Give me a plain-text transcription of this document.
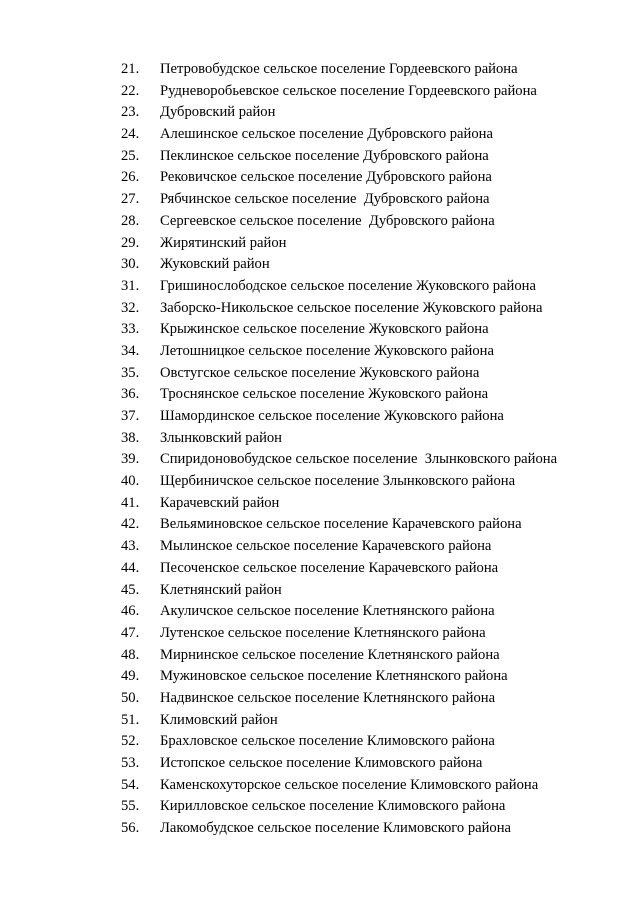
21. Петровобудское сельское поселение Гордеевского района
22. Рудневоробьевское сельское поселение Гордеевского района
23. Дубровский район
24. Алешинское сельское поселение Дубровского района
25. Пеклинское сельское поселение Дубровского района
26. Рековичское сельское поселение Дубровского района
27. Рябчинское сельское поселение  Дубровского района
28. Сергеевское сельское поселение  Дубровского района
29. Жирятинский район
30. Жуковский район
31. Гришинослободское сельское поселение Жуковского района
32. Заборско-Никольское сельское поселение Жуковского района
33. Крыжинское сельское поселение Жуковского района
34. Летошницкое сельское поселение Жуковского района
35. Овстугское сельское поселение Жуковского района
36. Троснянское сельское поселение Жуковского района
37. Шамординское сельское поселение Жуковского района
38. Злынковский район
39. Спиридоновобудское сельское поселение  Злынковского района
40. Щербиничское сельское поселение Злынковского района
41. Карачевский район
42. Вельяминовское сельское поселение Карачевского района
43. Мылинское сельское поселение Карачевского района
44. Песоченское сельское поселение Карачевского района
45. Клетнянский район
46. Акуличское сельское поселение Клетнянского района
47. Лутенское сельское поселение Клетнянского района
48. Мирнинское сельское поселение Клетнянского района
49. Мужиновское сельское поселение Клетнянского района
50. Надвинское сельское поселение Клетнянского района
51. Климовский район
52. Брахловское сельское поселение Климовского района
53. Истопское сельское поселение Климовского района
54. Каменскохуторское сельское поселение Климовского района
55. Кирилловское сельское поселение Климовского района
56. Лакомобудское сельское поселение Климовского района
